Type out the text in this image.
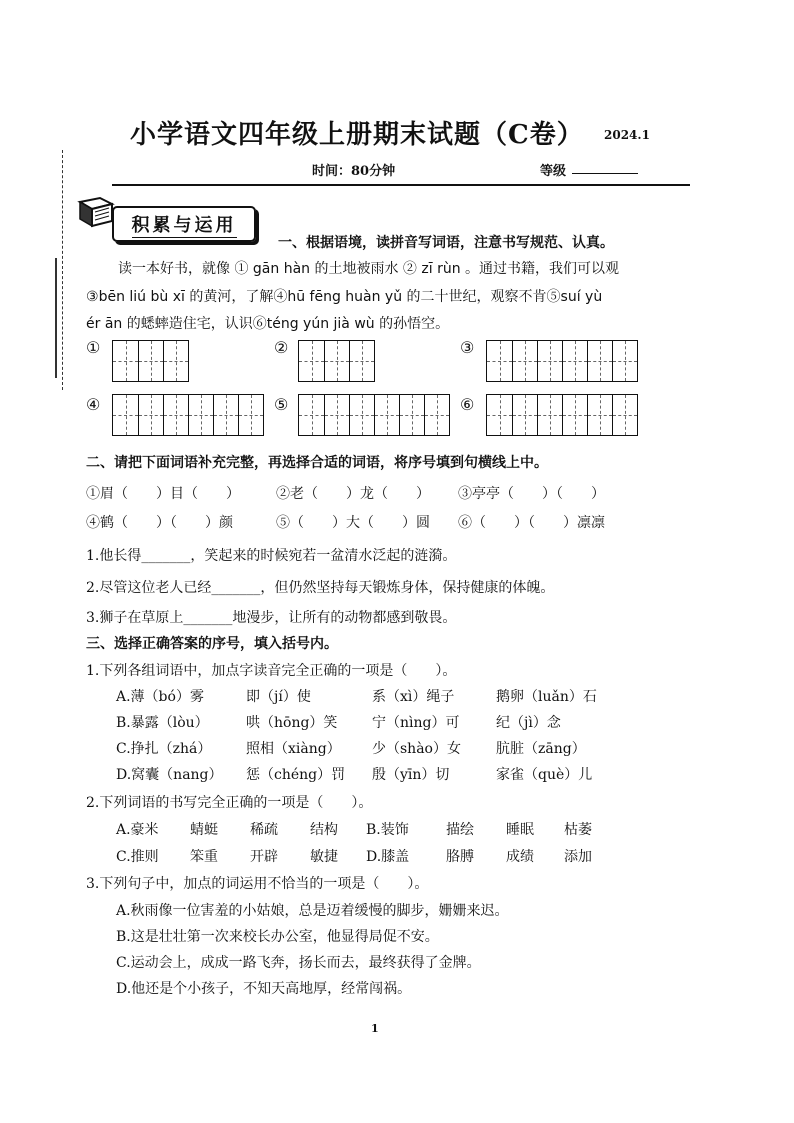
小学语文四年级上册期末试题（C卷） 2024.1
时间：80分钟	等级
积累与运用
一、根据语境，读拼音写词语，注意书写规范、认真。
读一本好书，就像 ① gān hàn 的土地被雨水 ② zī rùn 。通过书籍，我们可以观
③bēn liú bù xī 的黄河，了解④hū fēng huàn yǔ 的二十世纪，观察不肯⑤suí yù
ér ān 的蟋蟀造住宅，认识⑥téng yún jià wù 的孙悟空。
①	②	③
④	⑤	⑥
二、请把下面词语补充完整，再选择合适的词语，将序号填到句横线上中。
①眉（　　）目（　　）	②老（　　）龙（　　） ③亭亭（　　）（　　）
④鹤（　　）（　　）颜	⑤（　　）大（　　）圆 ⑥（　　）（　　）凛凛
1.他长得_______，笑起来的时候宛若一盆清水泛起的涟漪。
2.尽管这位老人已经_______，但仍然坚持每天锻炼身体，保持健康的体魄。
3.狮子在草原上_______地漫步，让所有的动物都感到敬畏。
三、选择正确答案的序号，填入括号内。
1.下列各组词语中，加点字读音完全正确的一项是（　　）。
A.薄（bó）雾	即（jí）使	系（xì）绳子	鹅卵（luǎn）石
B.暴露（lòu）	哄（hōng）笑 宁（nìng）可	纪（jì）念
C.挣扎（zhá） 照相（xiàng） 少（shào）女	肮脏（zāng）
D.窝囊（nang） 惩（chéng）罚 殷（yīn）切	家雀（què）儿
2.下列词语的书写完全正确的一项是（　　）。
A.豪米 蜻蜓 稀疏 结构 B.装饰	描绘 睡眠 枯萎
C.推则 笨重 开辟 敏捷 D.膝盖	胳膊 成绩 添加
3.下列句子中，加点的词运用不恰当的一项是（　　）。
A.秋雨像一位害羞的小姑娘，总是迈着缓慢的脚步，姗姗来迟。
B.这是壮壮第一次来校长办公室，他显得局促不安。
C.运动会上，成成一路飞奔，扬长而去，最终获得了金牌。
D.他还是个小孩子，不知天高地厚，经常闯祸。
1
